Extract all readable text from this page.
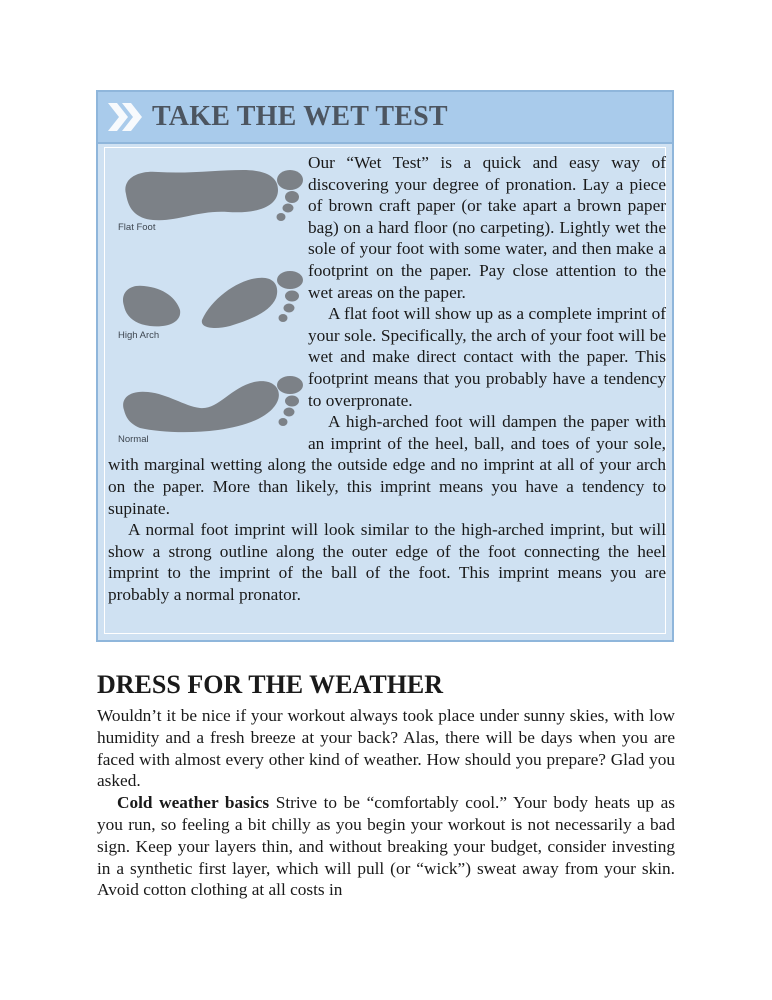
TAKE THE WET TEST
Flat Foot
High Arch
Normal

Our “Wet Test” is a quick and easy way of discovering your degree of pronation. Lay a piece of brown craft paper (or take apart a brown paper bag) on a hard floor (no carpeting). Lightly wet the sole of your foot with some water, and then make a footprint on the paper. Pay close attention to the wet areas on the paper.

A flat foot will show up as a complete imprint of your sole. Specifically, the arch of your foot will be wet and make direct contact with the paper. This footprint means that you probably have a tendency to overpronate.

A high-arched foot will dampen the paper with an imprint of the heel, ball, and toes of your sole, with marginal wetting along the outside edge and no imprint at all of your arch on the paper. More than likely, this imprint means you have a tendency to supinate.

A normal foot imprint will look similar to the high-arched imprint, but will show a strong outline along the outer edge of the foot connecting the heel imprint to the imprint of the ball of the foot. This imprint means you are probably a normal pronator.

DRESS FOR THE WEATHER

Wouldn’t it be nice if your workout always took place under sunny skies, with low humidity and a fresh breeze at your back? Alas, there will be days when you are faced with almost every other kind of weather. How should you prepare? Glad you asked.

Cold weather basics Strive to be “comfortably cool.” Your body heats up as you run, so feeling a bit chilly as you begin your workout is not necessarily a bad sign. Keep your layers thin, and without breaking your budget, consider investing in a synthetic first layer, which will pull (or “wick”) sweat away from your skin. Avoid cotton clothing at all costs in
